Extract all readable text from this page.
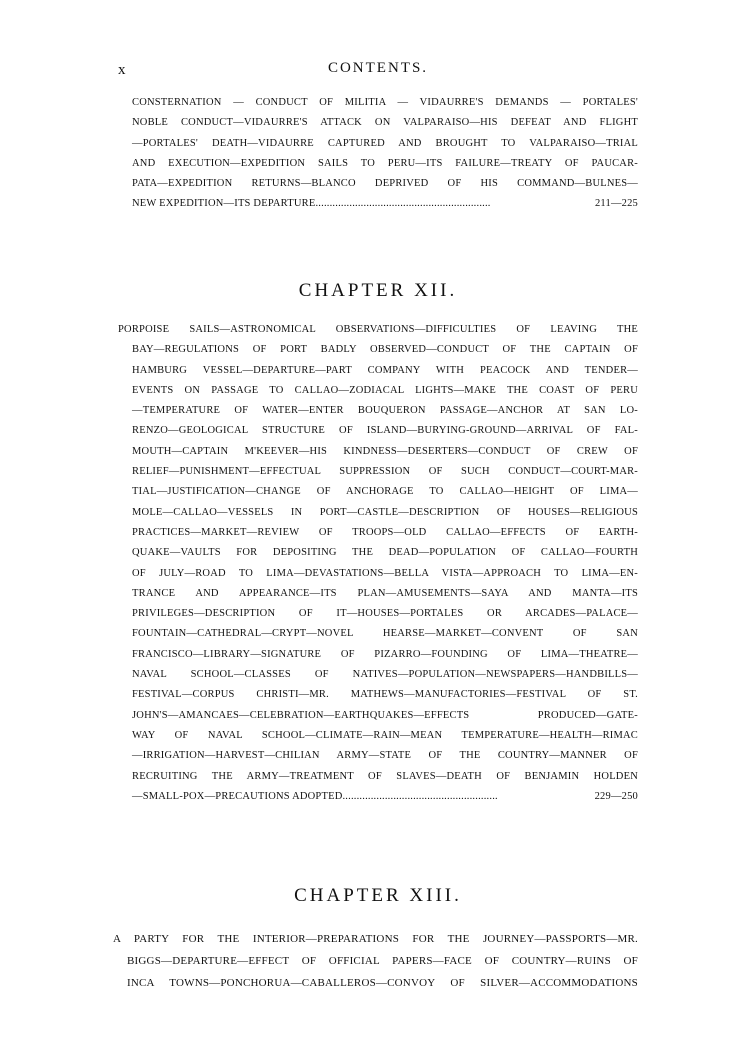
x	CONTENTS.
CONSTERNATION — CONDUCT OF MILITIA — VIDAURRE'S DEMANDS — PORTALES'
NOBLE CONDUCT—VIDAURRE'S ATTACK ON VALPARAISO—HIS DEFEAT AND FLIGHT
—PORTALES' DEATH—VIDAURRE CAPTURED AND BROUGHT TO VALPARAISO—TRIAL
AND EXECUTION—EXPEDITION SAILS TO PERU—ITS FAILURE—TREATY OF PAUCAR-
PATA—EXPEDITION RETURNS—BLANCO DEPRIVED OF HIS COMMAND—BULNES—
211—225
NEW EXPEDITION—ITS DEPARTURE..............................................................
CHAPTER XII.
PORPOISE SAILS—ASTRONOMICAL OBSERVATIONS—DIFFICULTIES OF LEAVING THE
BAY—REGULATIONS OF PORT BADLY OBSERVED—CONDUCT OF THE CAPTAIN OF
HAMBURG VESSEL—DEPARTURE—PART COMPANY WITH PEACOCK AND TENDER—
EVENTS ON PASSAGE TO CALLAO—ZODIACAL LIGHTS—MAKE THE COAST OF PERU
—TEMPERATURE OF WATER—ENTER BOUQUERON PASSAGE—ANCHOR AT SAN LO-
RENZO—GEOLOGICAL STRUCTURE OF ISLAND—BURYING-GROUND—ARRIVAL OF FAL-
MOUTH—CAPTAIN M'KEEVER—HIS KINDNESS—DESERTERS—CONDUCT OF CREW OF
RELIEF—PUNISHMENT—EFFECTUAL SUPPRESSION OF SUCH CONDUCT—COURT-MAR-
TIAL—JUSTIFICATION—CHANGE OF ANCHORAGE TO CALLAO—HEIGHT OF LIMA—
MOLE—CALLAO—VESSELS IN PORT—CASTLE—DESCRIPTION OF HOUSES—RELIGIOUS
PRACTICES—MARKET—REVIEW OF TROOPS—OLD CALLAO—EFFECTS OF EARTH-
QUAKE—VAULTS FOR DEPOSITING THE DEAD—POPULATION OF CALLAO—FOURTH
OF JULY—ROAD TO LIMA—DEVASTATIONS—BELLA VISTA—APPROACH TO LIMA—EN-
TRANCE AND APPEARANCE—ITS PLAN—AMUSEMENTS—SAYA AND MANTA—ITS
PRIVILEGES—DESCRIPTION OF IT—HOUSES—PORTALES OR ARCADES—PALACE—
FOUNTAIN—CATHEDRAL—CRYPT—NOVEL HEARSE—MARKET—CONVENT OF SAN
FRANCISCO—LIBRARY—SIGNATURE OF PIZARRO—FOUNDING OF LIMA—THEATRE—
NAVAL SCHOOL—CLASSES OF NATIVES—POPULATION—NEWSPAPERS—HANDBILLS—
FESTIVAL—CORPUS CHRISTI—MR. MATHEWS—MANUFACTORIES—FESTIVAL OF ST.
JOHN'S—AMANCAES—CELEBRATION—EARTHQUAKES—EFFECTS PRODUCED—GATE-
WAY OF NAVAL SCHOOL—CLIMATE—RAIN—MEAN TEMPERATURE—HEALTH—RIMAC
—IRRIGATION—HARVEST—CHILIAN ARMY—STATE OF THE COUNTRY—MANNER OF
RECRUITING THE ARMY—TREATMENT OF SLAVES—DEATH OF BENJAMIN HOLDEN
229—250
—SMALL-POX—PRECAUTIONS ADOPTED.......................................................
CHAPTER XIII.
A PARTY FOR THE INTERIOR—PREPARATIONS FOR THE JOURNEY—PASSPORTS—MR.
BIGGS—DEPARTURE—EFFECT OF OFFICIAL PAPERS—FACE OF COUNTRY—RUINS OF
INCA TOWNS—PONCHORUA—CABALLEROS—CONVOY OF SILVER—ACCOMMODATIONS
